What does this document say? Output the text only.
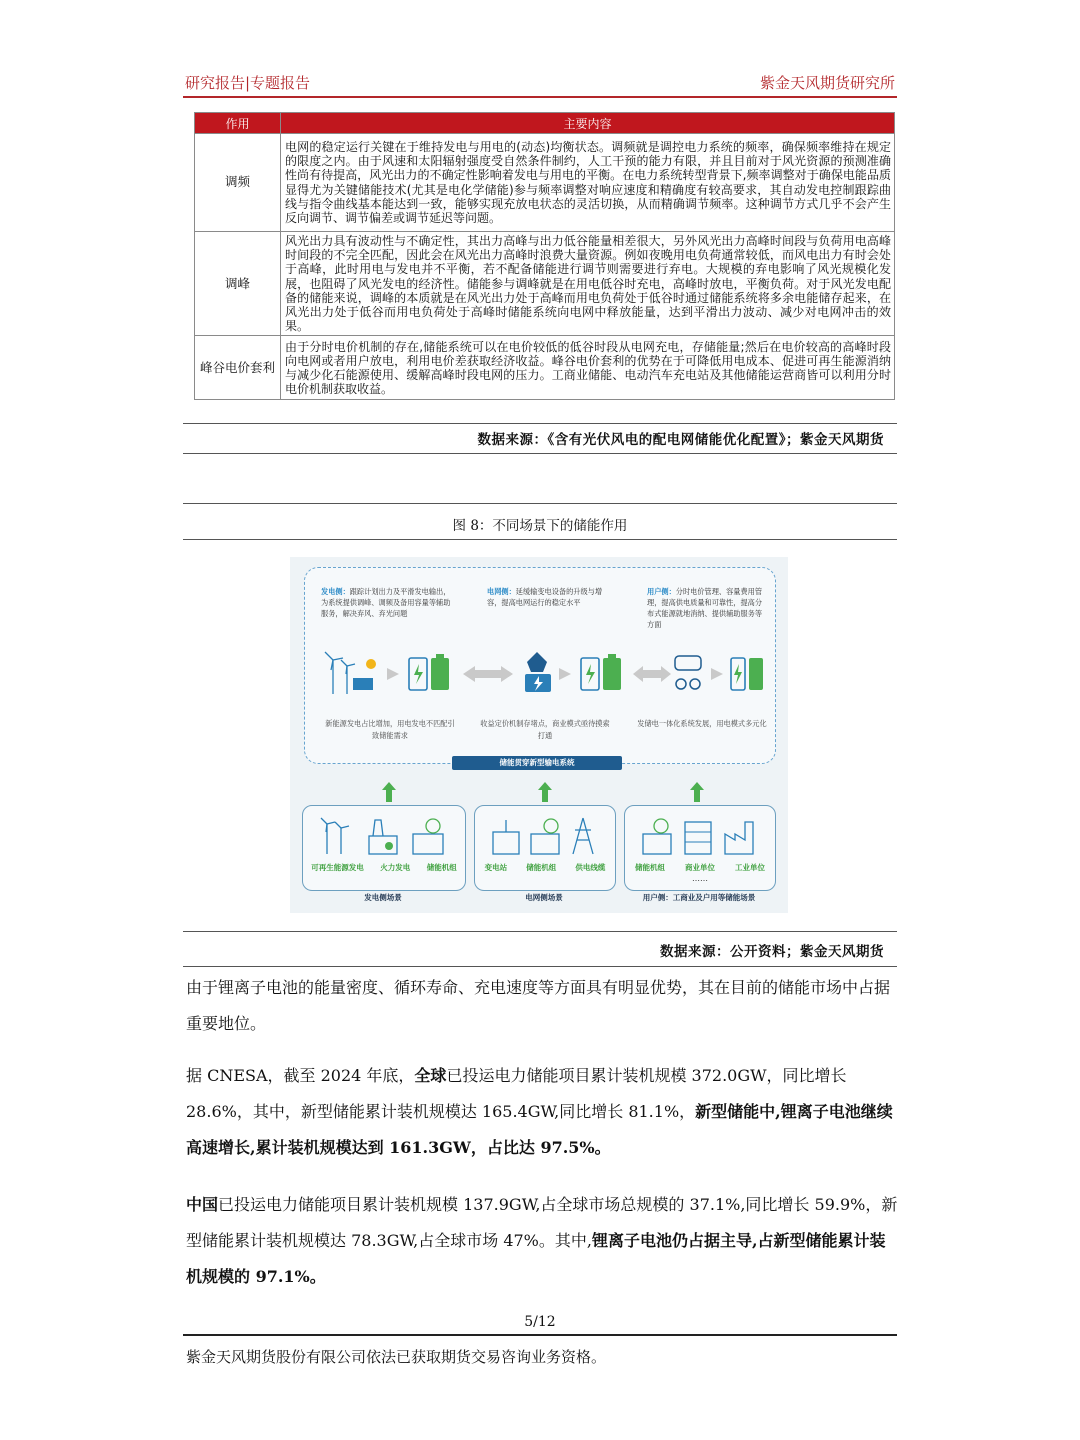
研究报告|专题报告	紫金天风期货研究所
作用	主要内容
调频	电网的稳定运行关键在于维持发电与用电的(动态)均衡状态。调频就是调控电力系统的频率，确保频率维持在规定的限度之内。由于风速和太阳辐射强度受自然条件制约，人工干预的能力有限，并且目前对于风光资源的预测准确性尚有待提高，风光出力的不确定性影响着发电与用电的平衡。在电力系统转型背景下,频率调整对于确保电能品质显得尤为关键储能技术(尤其是电化学储能)参与频率调整对响应速度和精确度有较高要求，其自动发电控制跟踪曲线与指令曲线基本能达到一致，能够实现充放电状态的灵活切换，从而精确调节频率。这种调节方式几乎不会产生反向调节、调节偏差或调节延迟等问题。
调峰	风光出力具有波动性与不确定性，其出力高峰与出力低谷能量相差很大，另外风光出力高峰时间段与负荷用电高峰时间段的不完全匹配，因此会在风光出力高峰时浪费大量资源。例如夜晚用电负荷通常较低，而风电出力有时会处于高峰，此时用电与发电并不平衡，若不配备储能进行调节则需要进行弃电。大规模的弃电影响了风光规模化发展，也阻碍了风光发电的经济性。储能参与调峰就是在用电低谷时充电，高峰时放电，平衡负荷。对于风光发电配备的储能来说，调峰的本质就是在风光出力处于高峰而用电负荷处于低谷时通过储能系统将多余电能储存起来，在风光出力处于低谷而用电负荷处于高峰时储能系统向电网中释放能量，达到平滑出力波动、减少对电网冲击的效果。
峰谷电价套利	由于分时电价机制的存在,储能系统可以在电价较低的低谷时段从电网充电，存储能量;然后在电价较高的高峰时段向电网或者用户放电，利用电价差获取经济收益。峰谷电价套利的优势在于可降低用电成本、促进可再生能源消纳与减少化石能源使用、缓解高峰时段电网的压力。工商业储能、电动汽车充电站及其他储能运营商皆可以利用分时电价机制获取收益。
数据来源：《含有光伏风电的配电网储能优化配置》；紫金天风期货
图 8：不同场景下的储能作用
发电侧：跟踪计划出力及平滑发电输出，为系统提供调峰、调频及备用容量等辅助服务，解决弃风、弃光问题
电网侧：延缓输变电设备的升级与增容，提高电网运行的稳定水平
用户侧：分时电价管理、容量费用管理，提高供电质量和可靠性，提高分布式能源就地消纳、提供辅助服务等方面
新能源发电占比增加，用电发电不匹配引致储能需求
收益定价机制存堵点，商业模式亟待摸索打通
发储电一体化系统发展，用电模式多元化
储能贯穿新型输电系统
可再生能源发电 火力发电 储能机组	变电站	储能机组	供电线缆	储能机组	商业单位	工业单位
……
发电侧场景	电网侧场景	用户侧：工商业及户用等储能场景
数据来源：公开资料；紫金天风期货
由于锂离子电池的能量密度、循环寿命、充电速度等方面具有明显优势，其在目前的储能市场中占据重要地位。
据 CNESA，截至 2024 年底，全球已投运电力储能项目累计装机规模 372.0GW，同比增长 28.6%，其中，新型储能累计装机规模达 165.4GW,同比增长 81.1%，新型储能中,锂离子电池继续高速增长,累计装机规模达到 161.3GW，占比达 97.5%。
中国已投运电力储能项目累计装机规模 137.9GW,占全球市场总规模的 37.1%,同比增长 59.9%，新型储能累计装机规模达 78.3GW,占全球市场 47%。其中,锂离子电池仍占据主导,占新型储能累计装机规模的 97.1%。
5/12
紫金天风期货股份有限公司依法已获取期货交易咨询业务资格。
